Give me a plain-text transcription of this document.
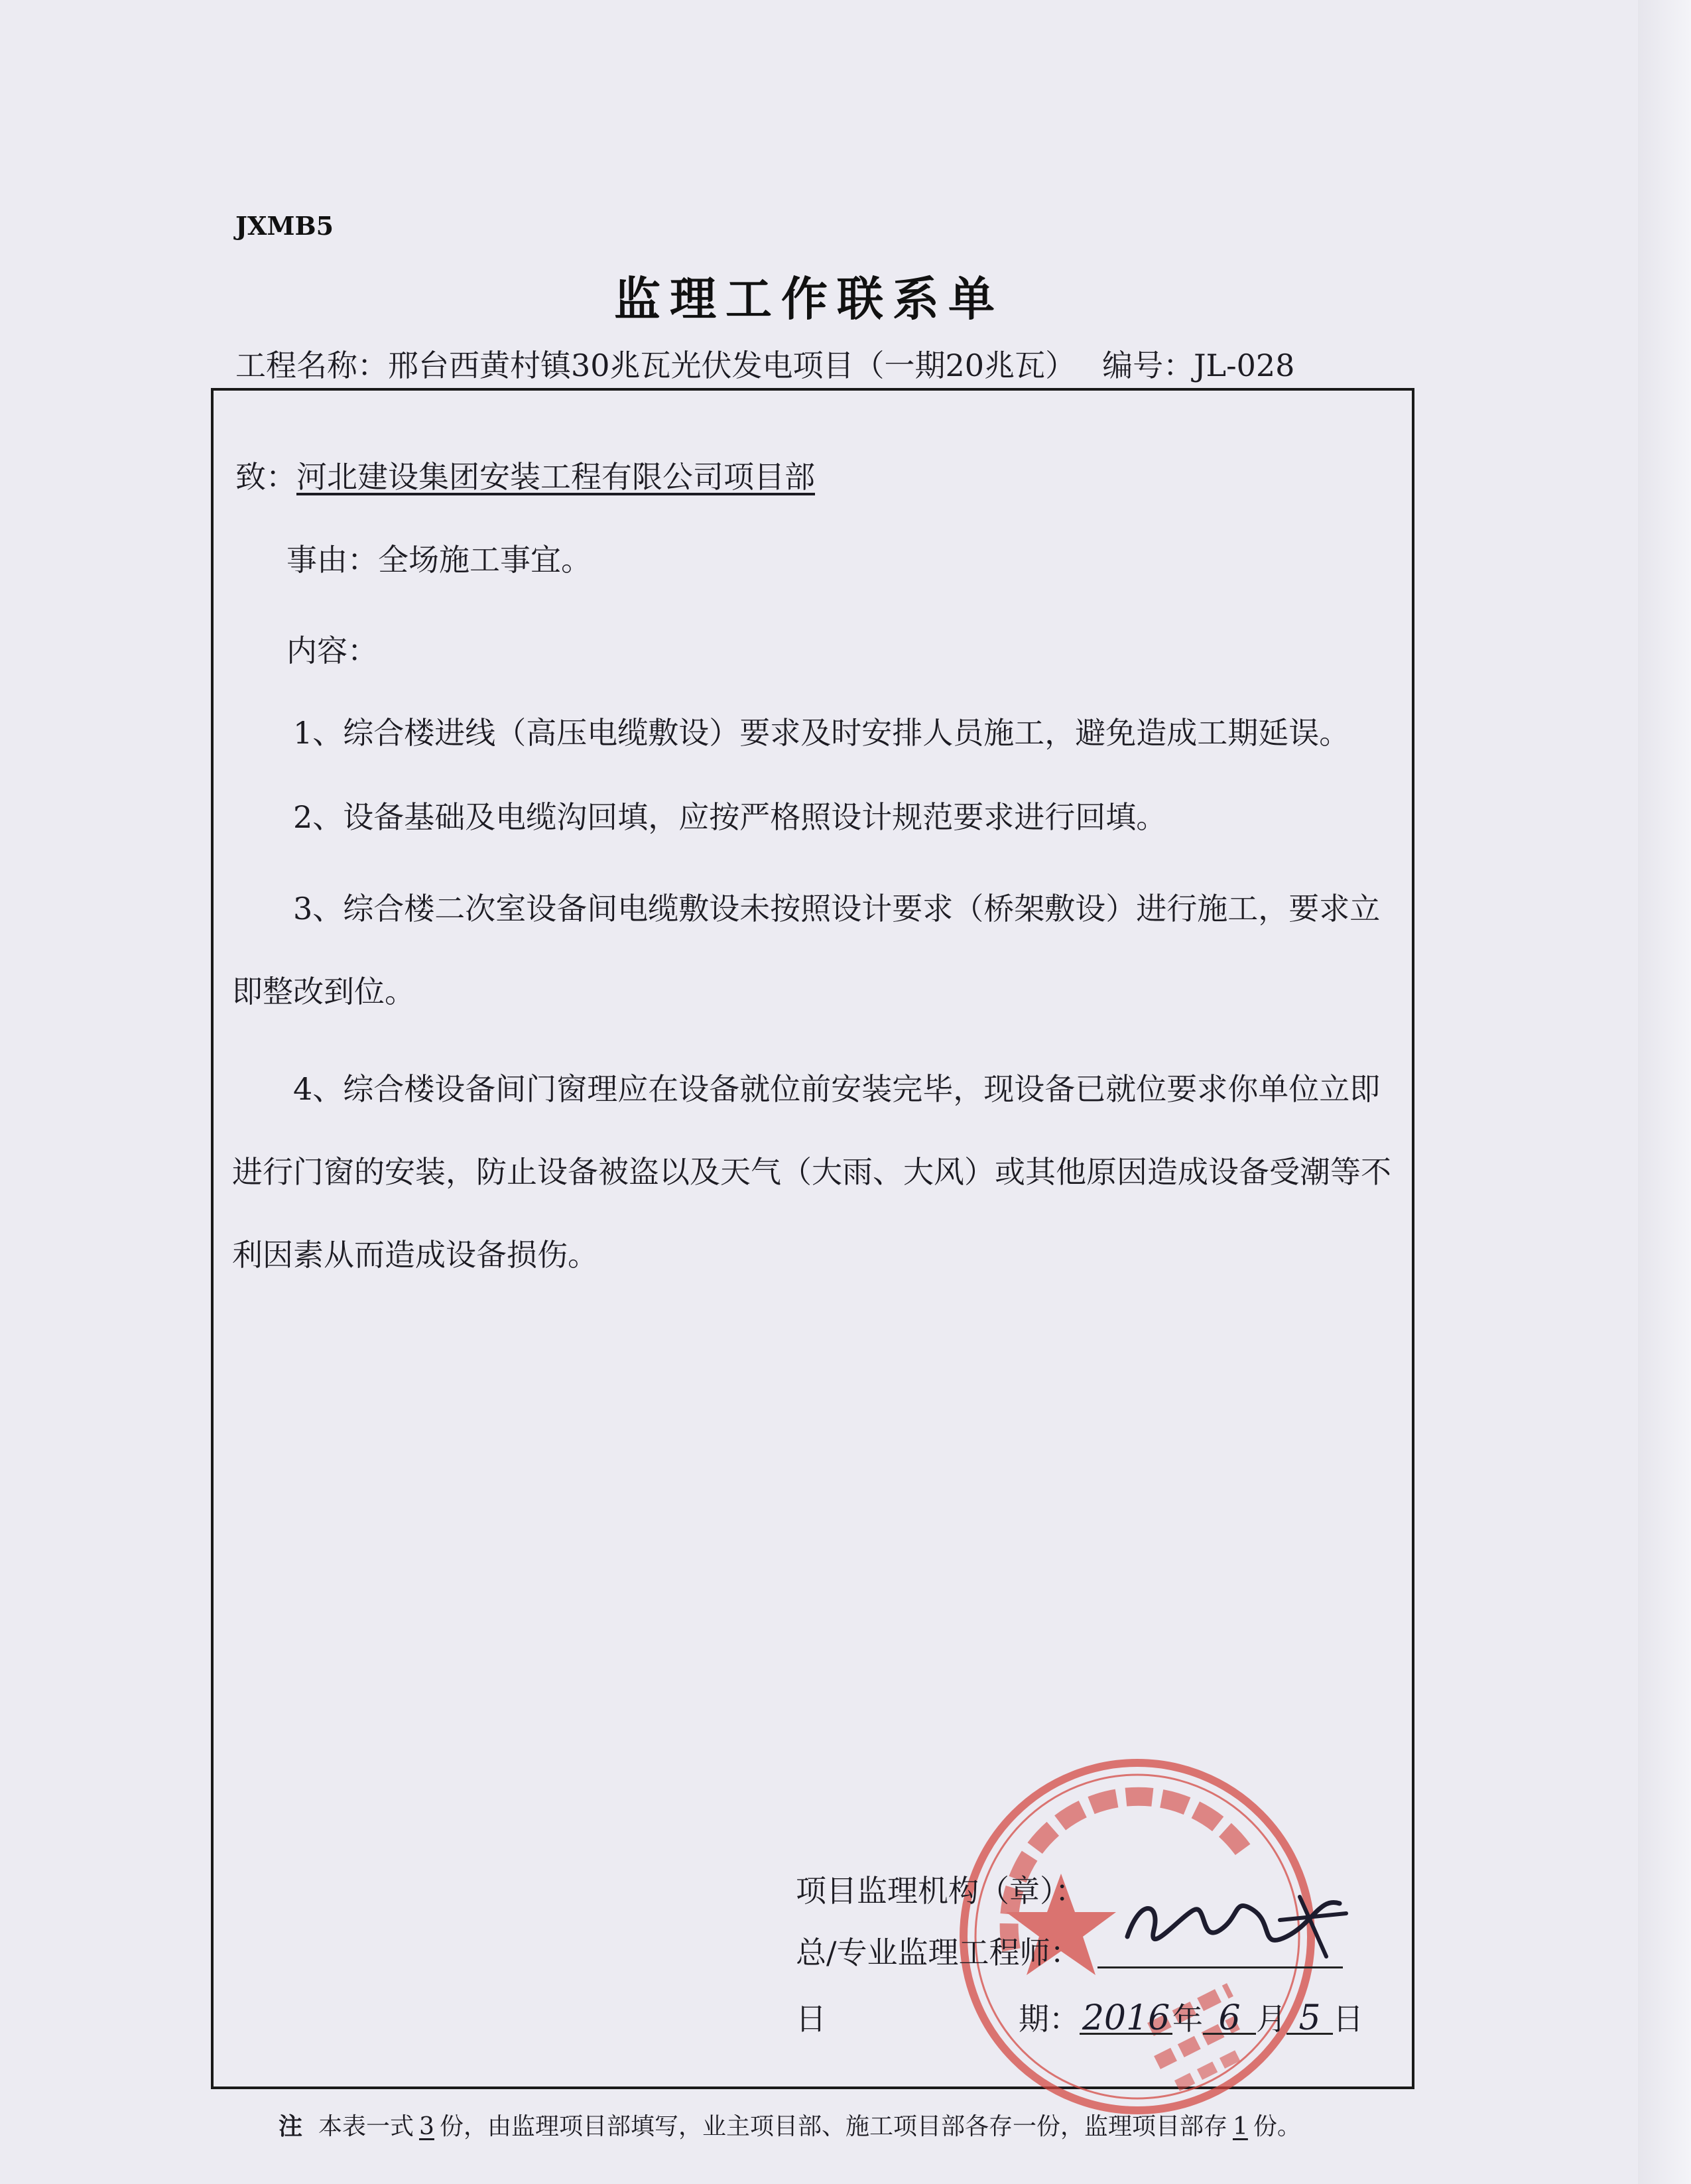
JXMB5
监理工作联系单
工程名称：邢台西黄村镇30兆瓦光伏发电项目（一期20兆瓦） 编号：JL-028
致：河北建设集团安装工程有限公司项目部
事由：全场施工事宜。
内容：
1、综合楼进线（高压电缆敷设）要求及时安排人员施工，避免造成工期延误。
2、设备基础及电缆沟回填，应按严格照设计规范要求进行回填。
3、综合楼二次室设备间电缆敷设未按照设计要求（桥架敷设）进行施工，要求立即整改到位。
4、综合楼设备间门窗理应在设备就位前安装完毕，现设备已就位要求你单位立即进行门窗的安装，防止设备被盗以及天气（大雨、大风）或其他原因造成设备受潮等不利因素从而造成设备损伤。
项目监理机构（章）：
总/专业监理工程师：
日	期：2016年 6 月 5 日
注 本表一式 3 份，由监理项目部填写，业主项目部、施工项目部各存一份，监理项目部存 1 份。
